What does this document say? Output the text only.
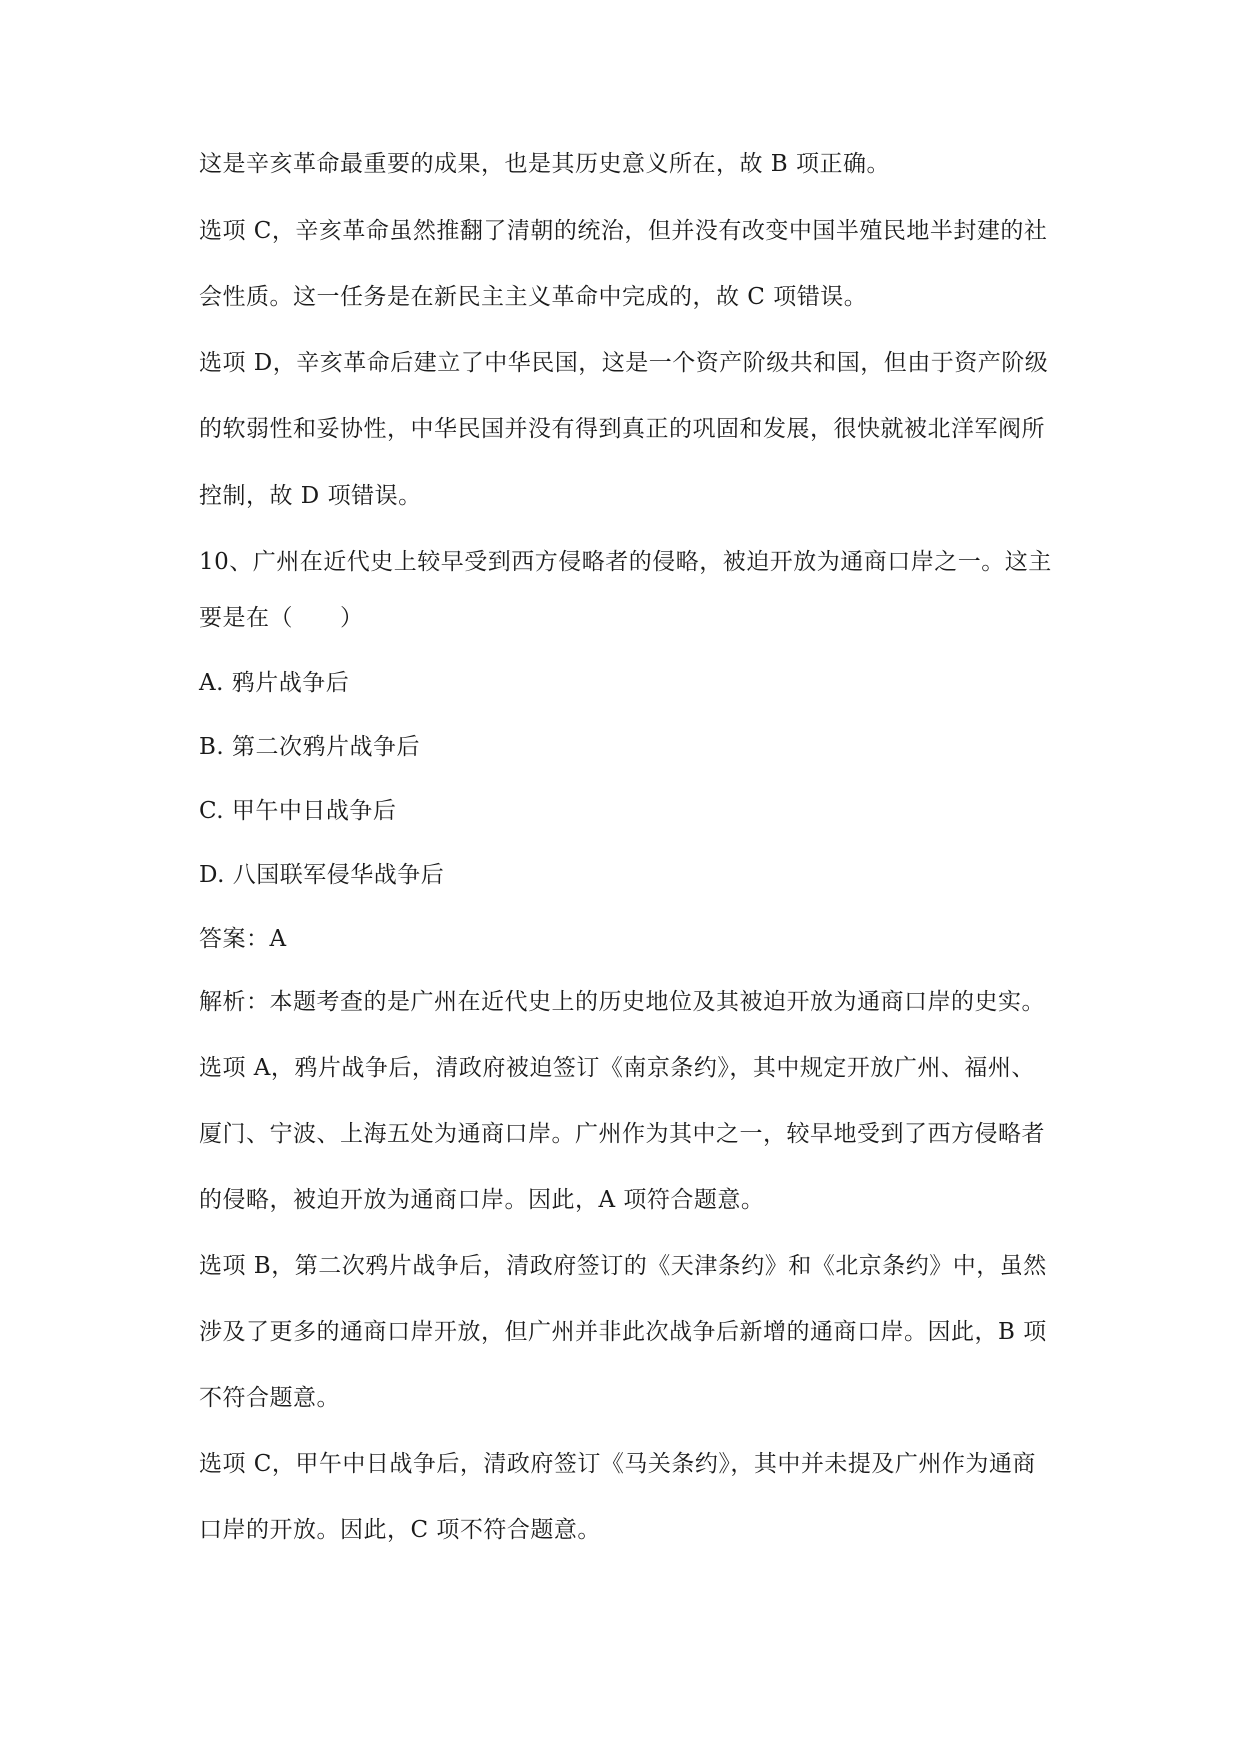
这是辛亥革命最重要的成果，也是其历史意义所在，故 B 项正确。
选项 C，辛亥革命虽然推翻了清朝的统治，但并没有改变中国半殖民地半封建的社
会性质。这一任务是在新民主主义革命中完成的，故 C 项错误。
选项 D，辛亥革命后建立了中华民国，这是一个资产阶级共和国，但由于资产阶级
的软弱性和妥协性，中华民国并没有得到真正的巩固和发展，很快就被北洋军阀所
控制，故 D 项错误。
10、广州在近代史上较早受到西方侵略者的侵略，被迫开放为通商口岸之一。这主
要是在（　　）
A. 鸦片战争后
B. 第二次鸦片战争后
C. 甲午中日战争后
D. 八国联军侵华战争后
答案：A
解析：本题考查的是广州在近代史上的历史地位及其被迫开放为通商口岸的史实。
选项 A，鸦片战争后，清政府被迫签订《南京条约》，其中规定开放广州、福州、
厦门、宁波、上海五处为通商口岸。广州作为其中之一，较早地受到了西方侵略者
的侵略，被迫开放为通商口岸。因此，A 项符合题意。
选项 B，第二次鸦片战争后，清政府签订的《天津条约》和《北京条约》中，虽然
涉及了更多的通商口岸开放，但广州并非此次战争后新增的通商口岸。因此，B 项
不符合题意。
选项 C，甲午中日战争后，清政府签订《马关条约》，其中并未提及广州作为通商
口岸的开放。因此，C 项不符合题意。
